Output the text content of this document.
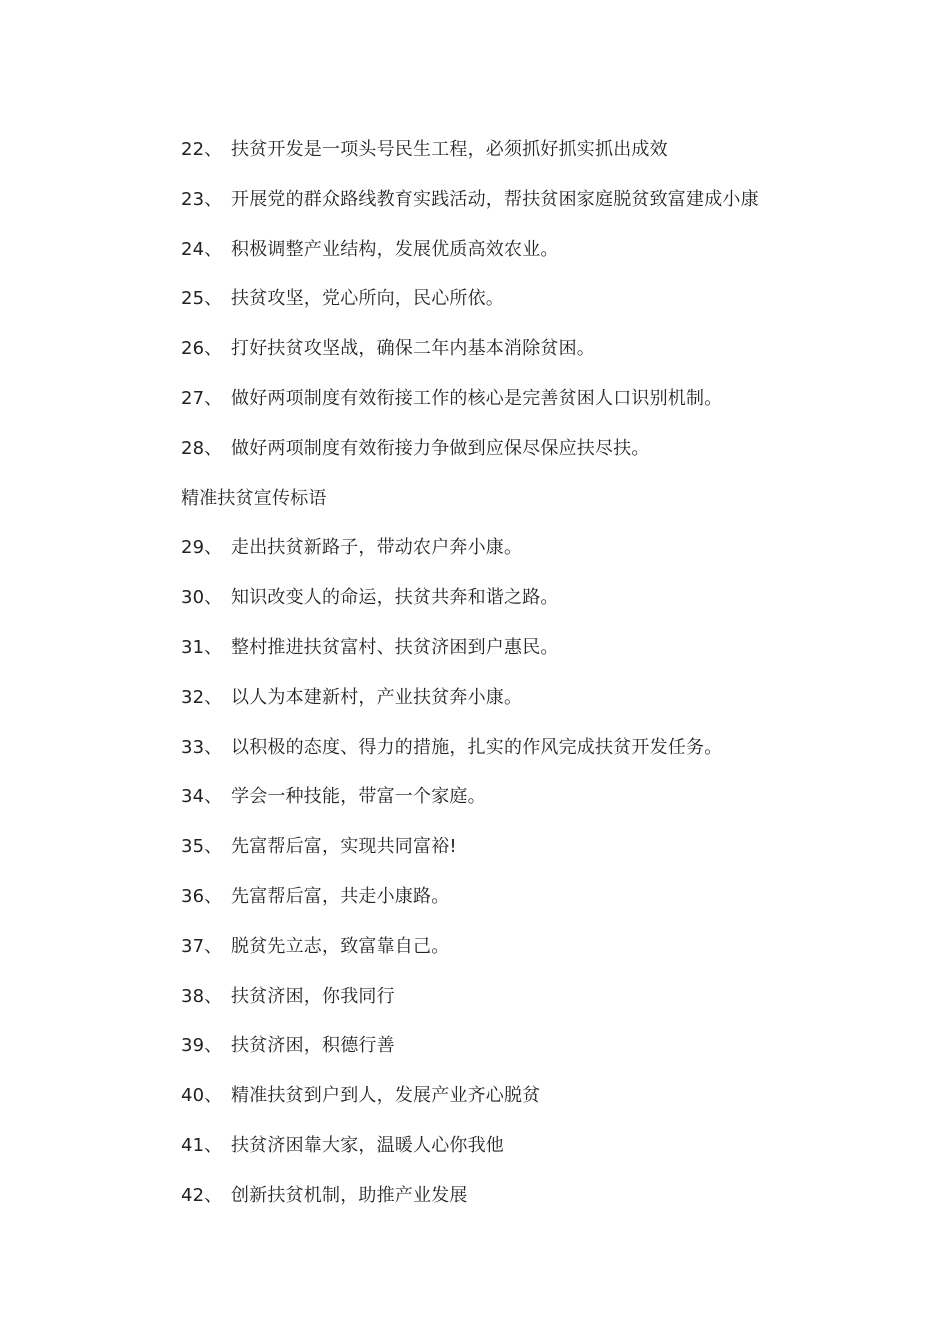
22、 扶贫开发是一项头号民生工程，必须抓好抓实抓出成效
23、 开展党的群众路线教育实践活动，帮扶贫困家庭脱贫致富建成小康
24、 积极调整产业结构，发展优质高效农业。
25、 扶贫攻坚，党心所向，民心所依。
26、 打好扶贫攻坚战，确保二年内基本消除贫困。
27、 做好两项制度有效衔接工作的核心是完善贫困人口识别机制。
28、 做好两项制度有效衔接力争做到应保尽保应扶尽扶。
精准扶贫宣传标语
29、 走出扶贫新路子，带动农户奔小康。
30、 知识改变人的命运，扶贫共奔和谐之路。
31、 整村推进扶贫富村、扶贫济困到户惠民。
32、 以人为本建新村，产业扶贫奔小康。
33、 以积极的态度、得力的措施，扎实的作风完成扶贫开发任务。
34、 学会一种技能，带富一个家庭。
35、 先富帮后富，实现共同富裕!
36、 先富帮后富，共走小康路。
37、 脱贫先立志，致富靠自己。
38、 扶贫济困，你我同行
39、 扶贫济困，积德行善
40、 精准扶贫到户到人，发展产业齐心脱贫
41、 扶贫济困靠大家，温暖人心你我他
42、 创新扶贫机制，助推产业发展
